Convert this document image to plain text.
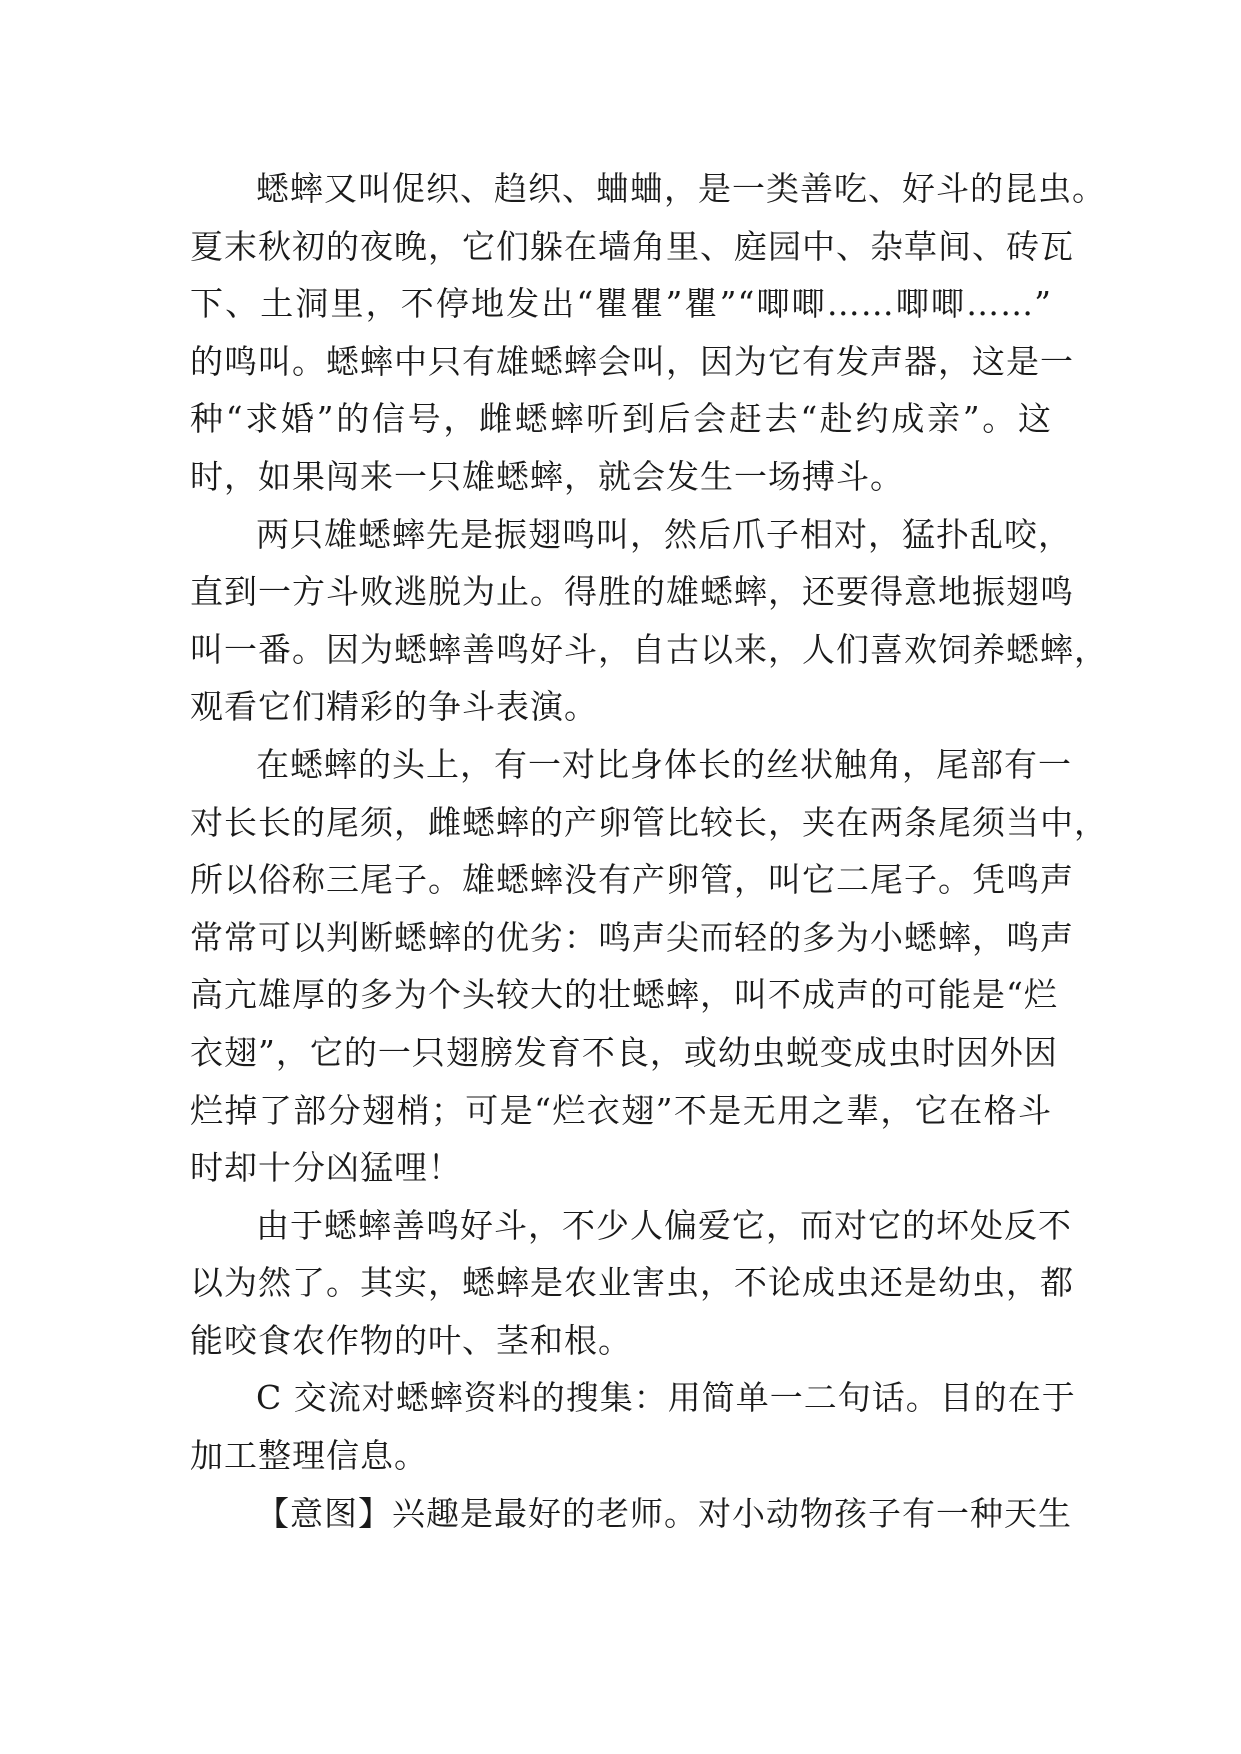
蟋蟀又叫促织、趋织、蛐蛐，是一类善吃、好斗的昆虫。
夏末秋初的夜晚，它们躲在墙角里、庭园中、杂草间、砖瓦
下、土洞里，不停地发出“瞿瞿”瞿”“唧唧……唧唧……”
的鸣叫。蟋蟀中只有雄蟋蟀会叫，因为它有发声器，这是一
种“求婚”的信号，雌蟋蟀听到后会赶去“赴约成亲”。这
时，如果闯来一只雄蟋蟀，就会发生一场搏斗。
两只雄蟋蟀先是振翅鸣叫，然后爪子相对，猛扑乱咬，
直到一方斗败逃脱为止。得胜的雄蟋蟀，还要得意地振翅鸣
叫一番。因为蟋蟀善鸣好斗，自古以来，人们喜欢饲养蟋蟀，
观看它们精彩的争斗表演。
在蟋蟀的头上，有一对比身体长的丝状触角，尾部有一
对长长的尾须，雌蟋蟀的产卵管比较长，夹在两条尾须当中，
所以俗称三尾子。雄蟋蟀没有产卵管，叫它二尾子。凭鸣声
常常可以判断蟋蟀的优劣：鸣声尖而轻的多为小蟋蟀，鸣声
高亢雄厚的多为个头较大的壮蟋蟀，叫不成声的可能是“烂
衣翅”，它的一只翅膀发育不良，或幼虫蜕变成虫时因外因
烂掉了部分翅梢；可是“烂衣翅”不是无用之辈，它在格斗
时却十分凶猛哩！
由于蟋蟀善鸣好斗，不少人偏爱它，而对它的坏处反不
以为然了。其实，蟋蟀是农业害虫，不论成虫还是幼虫，都
能咬食农作物的叶、茎和根。
C 交流对蟋蟀资料的搜集：用简单一二句话。目的在于
加工整理信息。
【意图】兴趣是最好的老师。对小动物孩子有一种天生
